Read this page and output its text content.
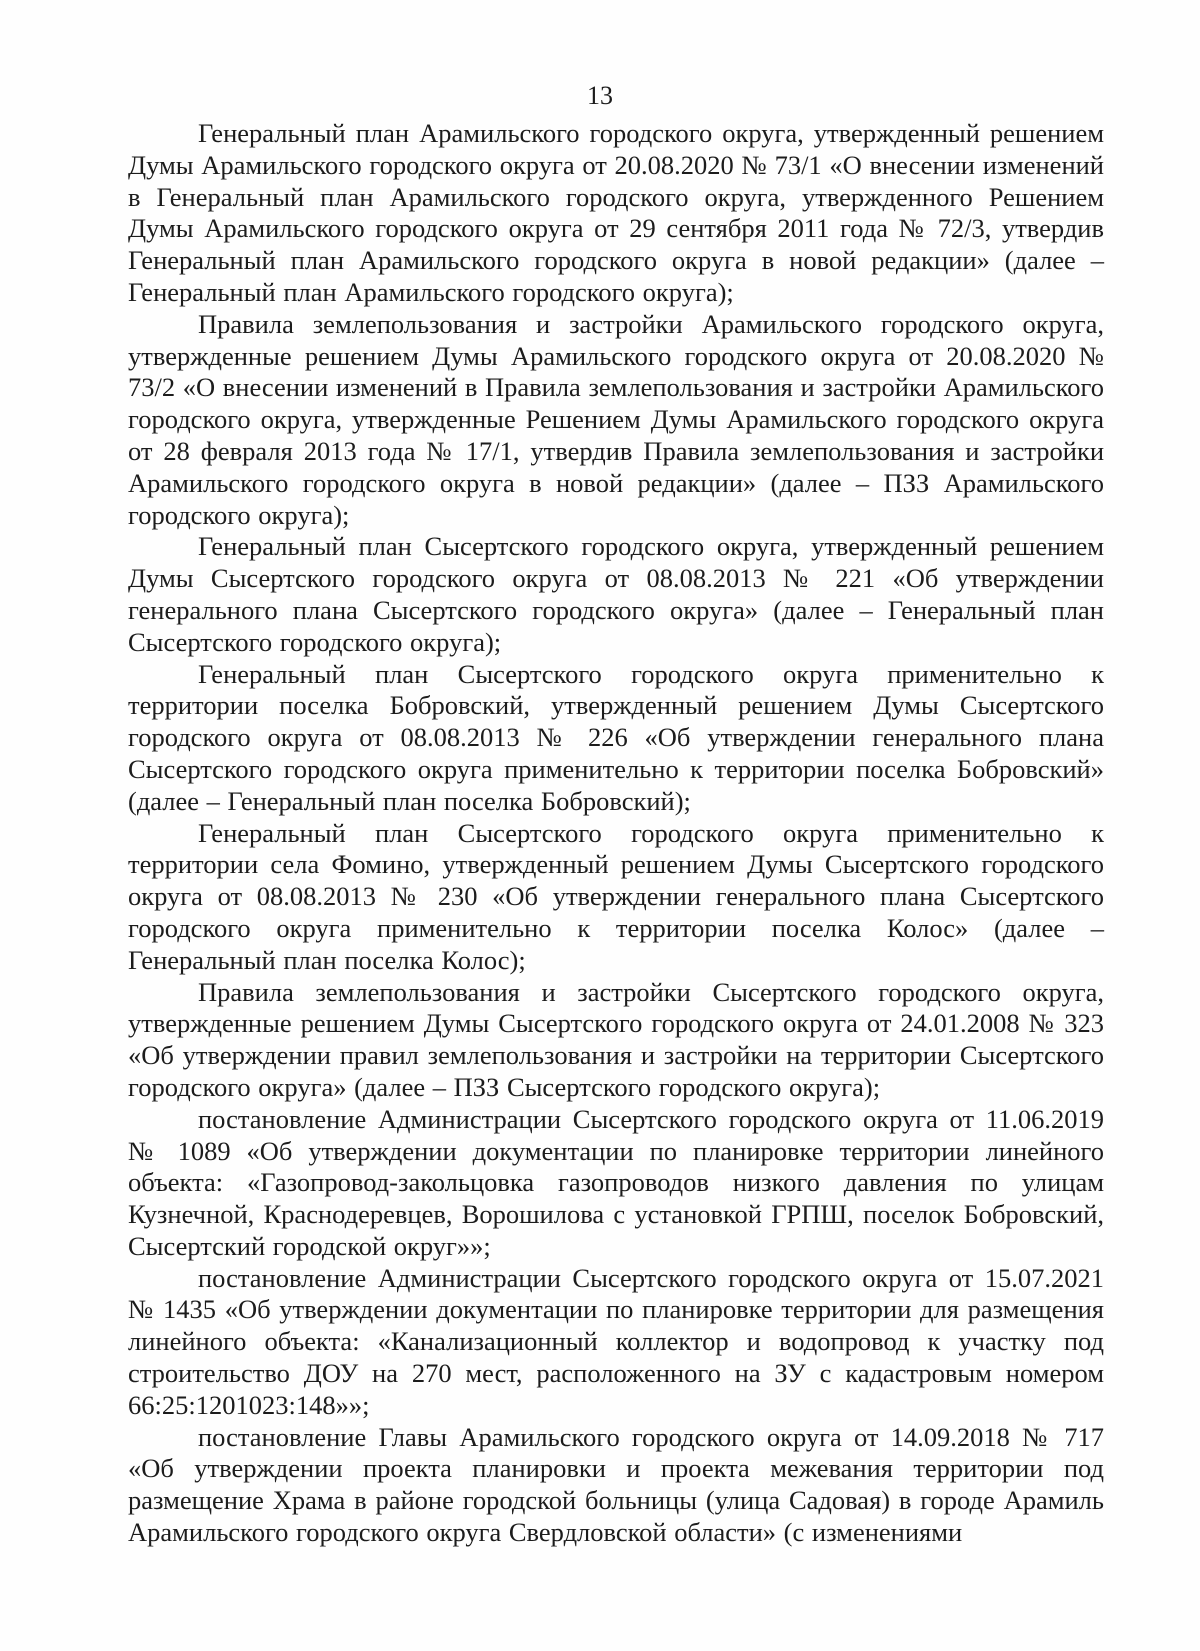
13

Генеральный план Арамильского городского округа, утвержденный решением Думы Арамильского городского округа от 20.08.2020 № 73/1 «О внесении изменений в Генеральный план Арамильского городского округа, утвержденного Решением Думы Арамильского городского округа от 29 сентября 2011 года № 72/3, утвердив Генеральный план Арамильского городского округа в новой редакции» (далее – Генеральный план Арамильского городского округа);

Правила землепользования и застройки Арамильского городского округа, утвержденные решением Думы Арамильского городского округа от 20.08.2020 № 73/2 «О внесении изменений в Правила землепользования и застройки Арамильского городского округа, утвержденные Решением Думы Арамильского городского округа от 28 февраля 2013 года № 17/1, утвердив Правила землепользования и застройки Арамильского городского округа в новой редакции» (далее – ПЗЗ Арамильского городского округа);

Генеральный план Сысертского городского округа, утвержденный решением Думы Сысертского городского округа от 08.08.2013 № 221 «Об утверждении генерального плана Сысертского городского округа» (далее – Генеральный план Сысертского городского округа);

Генеральный план Сысертского городского округа применительно к территории поселка Бобровский, утвержденный решением Думы Сысертского городского округа от 08.08.2013 № 226 «Об утверждении генерального плана Сысертского городского округа применительно к территории поселка Бобровский» (далее – Генеральный план поселка Бобровский);

Генеральный план Сысертского городского округа применительно к территории села Фомино, утвержденный решением Думы Сысертского городского округа от 08.08.2013 № 230 «Об утверждении генерального плана Сысертского городского округа применительно к территории поселка Колос» (далее – Генеральный план поселка Колос);

Правила землепользования и застройки Сысертского городского округа, утвержденные решением Думы Сысертского городского округа от 24.01.2008 № 323 «Об утверждении правил землепользования и застройки на территории Сысертского городского округа» (далее – ПЗЗ Сысертского городского округа);

постановление Администрации Сысертского городского округа от 11.06.2019 № 1089 «Об утверждении документации по планировке территории линейного объекта: «Газопровод-закольцовка газопроводов низкого давления по улицам Кузнечной, Краснодеревцев, Ворошилова с установкой ГРПШ, поселок Бобровский, Сысертский городской округ»»;

постановление Администрации Сысертского городского округа от 15.07.2021 № 1435 «Об утверждении документации по планировке территории для размещения линейного объекта: «Канализационный коллектор и водопровод к участку под строительство ДОУ на 270 мест, расположенного на ЗУ с кадастровым номером 66:25:1201023:148»»;

постановление Главы Арамильского городского округа от 14.09.2018 № 717 «Об утверждении проекта планировки и проекта межевания территории под размещение Храма в районе городской больницы (улица Садовая) в городе Арамиль Арамильского городского округа Свердловской области» (с изменениями
